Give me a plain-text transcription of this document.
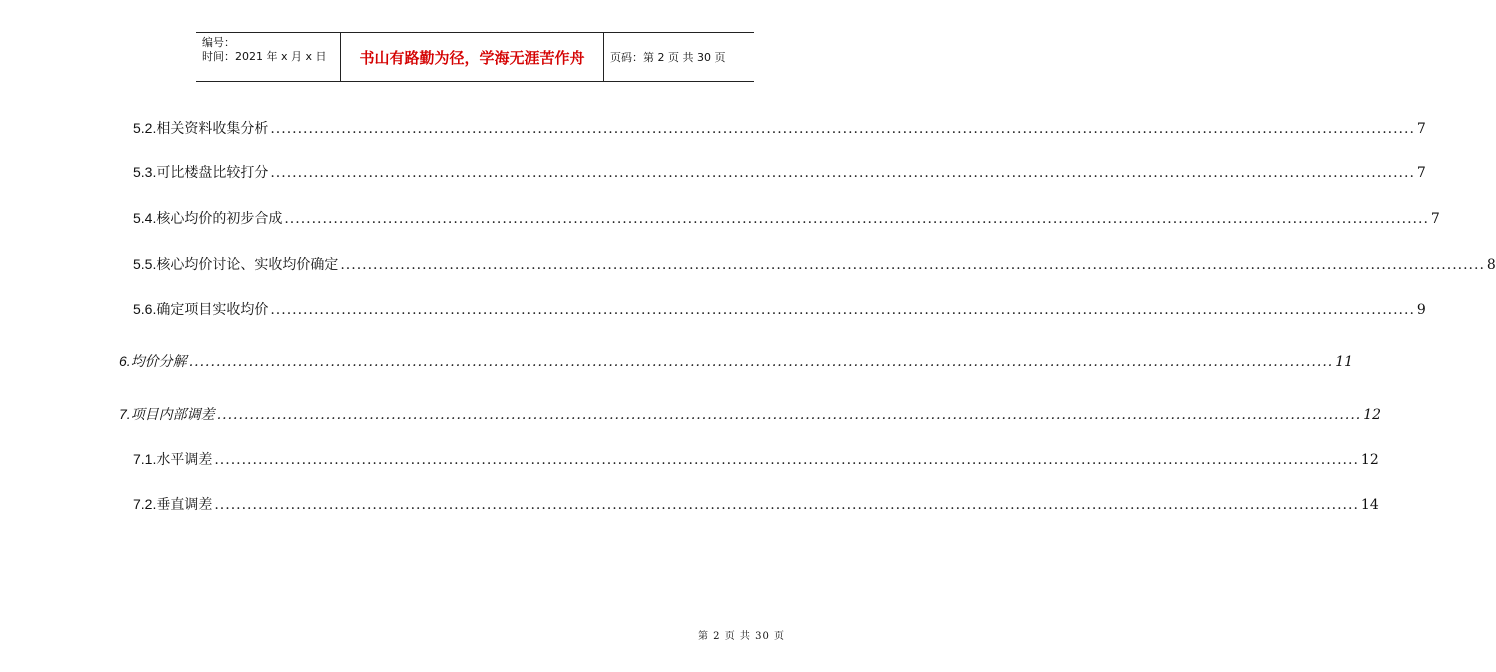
编号：
时间：2021 年 x 月 x 日	书山有路勤为径，学海无涯苦作舟	页码：第 2 页 共 30 页
5.2. 相关资料收集分析 .................................................................................................................................................................................................................. 7
5.3. 可比楼盘比较打分 .................................................................................................................................................................................................................. 7
5.4. 核心均价的初步合成 .................................................................................................................................................................................................................. 7
5.5. 核心均价讨论、实收均价确定 .................................................................................................................................................................................................................. 8
5.6. 确定项目实收均价 .................................................................................................................................................................................................................. 9
6. 均价分解 .................................................................................................................................................................................................................. 11
7. 项目内部调差 .................................................................................................................................................................................................................. 12
7.1. 水平调差 .................................................................................................................................................................................................................. 12
7.2. 垂直调差 .................................................................................................................................................................................................................. 14
第 2 页 共 30 页
